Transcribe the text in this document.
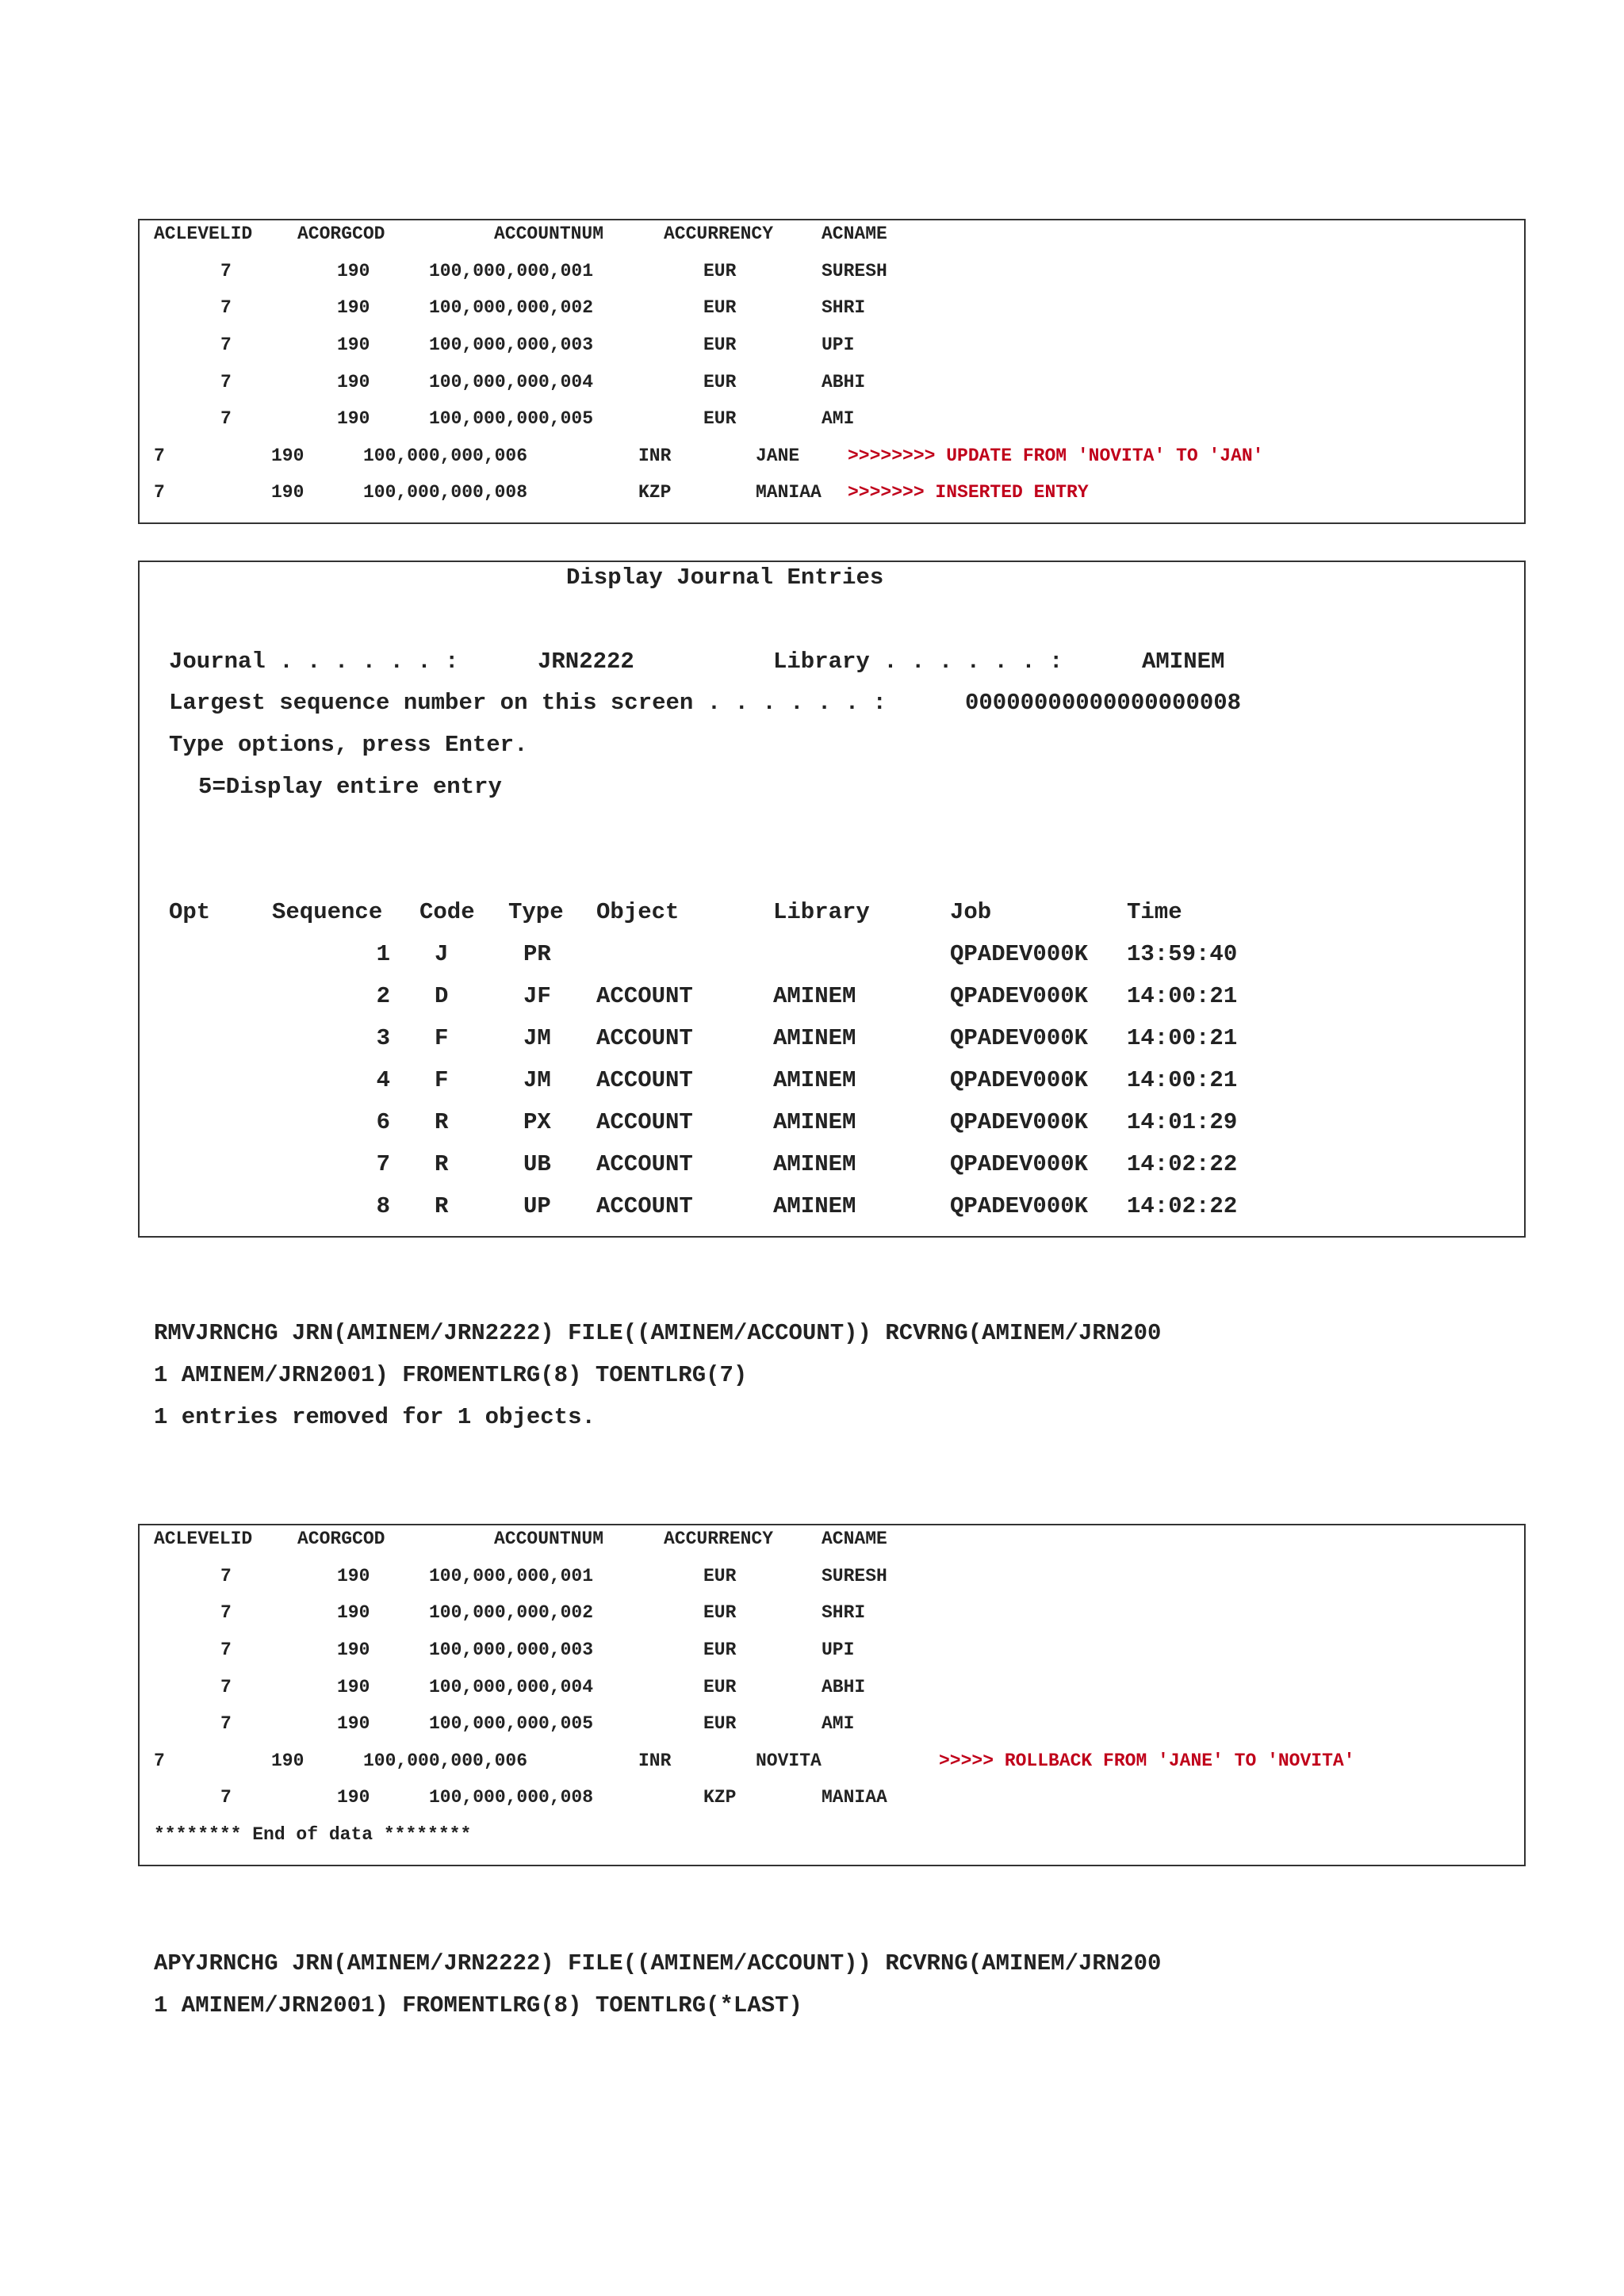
ACLEVELID ACORGCOD	ACCOUNTNUM	ACCURRENCY	ACNAME
7	190	100,000,000,001	EUR	SURESH
7	190	100,000,000,002	EUR	SHRI
7	190	100,000,000,003	EUR	UPI
7	190	100,000,000,004	EUR	ABHI
7	190	100,000,000,005	EUR	AMI
7	190	100,000,000,006	INR	JANE	>>>>>>>> UPDATE FROM 'NOVITA' TO 'JAN'
7	190	100,000,000,008	KZP	MANIAA >>>>>>> INSERTED ENTRY
Display Journal Entries
Journal . . . . . . :	JRN2222	Library . . . . . . :	AMINEM
Largest sequence number on this screen . . . . . . :	00000000000000000008
Type options, press Enter.
5=Display entire entry
Opt	Sequence Code Type Object	Library	Job	Time
1 J	PR	QPADEV000K 13:59:40
2 D	JF ACCOUNT	AMINEM	QPADEV000K 14:00:21
3 F	JM ACCOUNT	AMINEM	QPADEV000K 14:00:21
4 F	JM ACCOUNT	AMINEM	QPADEV000K 14:00:21
6 R	PX ACCOUNT	AMINEM	QPADEV000K 14:01:29
7 R	UB ACCOUNT	AMINEM	QPADEV000K 14:02:22
8 R	UP ACCOUNT	AMINEM	QPADEV000K 14:02:22
RMVJRNCHG JRN(AMINEM/JRN2222) FILE((AMINEM/ACCOUNT)) RCVRNG(AMINEM/JRN200
1 AMINEM/JRN2001) FROMENTLRG(8) TOENTLRG(7)
1 entries removed for 1 objects.
ACLEVELID ACORGCOD	ACCOUNTNUM	ACCURRENCY	ACNAME
7	190	100,000,000,001	EUR	SURESH
7	190	100,000,000,002	EUR	SHRI
7	190	100,000,000,003	EUR	UPI
7	190	100,000,000,004	EUR	ABHI
7	190	100,000,000,005	EUR	AMI
7	190	100,000,000,006	INR	NOVITA	>>>>> ROLLBACK FROM 'JANE' TO 'NOVITA'
7	190	100,000,000,008	KZP	MANIAA
******** End of data ********
APYJRNCHG JRN(AMINEM/JRN2222) FILE((AMINEM/ACCOUNT)) RCVRNG(AMINEM/JRN200
1 AMINEM/JRN2001) FROMENTLRG(8) TOENTLRG(*LAST)
